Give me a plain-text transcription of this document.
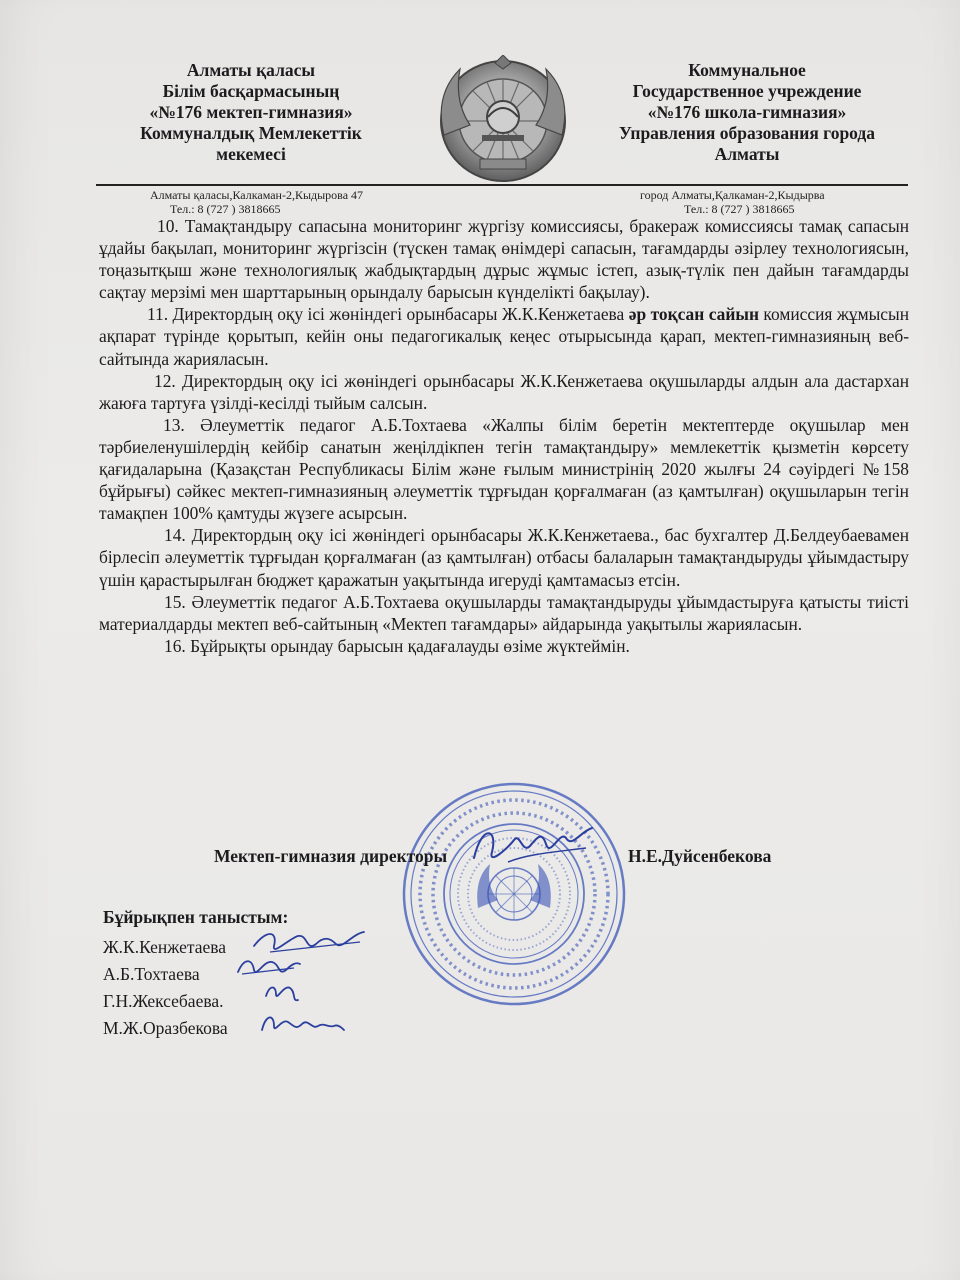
Алматы қаласы
Білім басқармасының
«№176 мектеп-гимназия»
Коммуналдық Мемлекеттік
мекемесі
Коммунальное
Государственное учреждение
«№176 школа-гимназия»
Управления образования города
Алматы
Алматы қаласы,Калкаман-2,Кыдырова 47
Тел.: 8 (727 ) 3818665
город Алматы,Қалкаман-2,Кыдырва
Тел.: 8 (727 ) 3818665

10. Тамақтандыру сапасына мониторинг жүргізу комиссиясы, бракераж комиссиясы тамақ сапасын ұдайы бақылап, мониторинг жүргізсін (түскен тамақ өнімдері сапасын, тағамдарды әзірлеу технологиясын, тоңазытқыш және технологиялық жабдықтардың дұрыс жұмыс істеп, азық-түлік пен дайын тағамдарды сақтау мерзімі мен шарттарының орындалу барысын күнделікті бақылау).

11. Директордың оқу ісі жөніндегі орынбасары Ж.К.Кенжетаева әр тоқсан сайын комиссия жұмысын ақпарат түрінде қорытып, кейін оны педагогикалық кеңес отырысында қарап, мектеп-гимназияның веб-сайтында жариялаcын.

12. Директордың оқу ісі жөніндегі орынбасары Ж.К.Кенжетаева оқушыларды алдын ала дастархан жаюға тартуға үзілді-кесілді тыйым салсын.

13. Әлеуметтік педагог А.Б.Тохтаева «Жалпы білім беретін мектептерде оқушылар мен тәрбиеленушілердің кейбір санатын жеңілдікпен тегін тамақтандыру» мемлекеттік қызметін көрсету қағидаларына (Қазақстан Республикасы Білім және ғылым министрінің 2020 жылғы 24 сәуірдегі №158 бұйрығы) сәйкес мектеп-гимназияның әлеуметтік тұрғыдан қорғалмаған (аз қамтылған) оқушыларын тегін тамақпен 100% қамтуды жүзеге асырсын.

14. Директордың оқу ісі жөніндегі орынбасары Ж.К.Кенжетаева., бас бухгалтер Д.Белдеубаевамен бірлесіп әлеуметтік тұрғыдан қорғалмаған (аз қамтылған) отбасы балаларын тамақтандыруды ұйымдастыру үшін қарастырылған бюджет қаражатын уақытында игеруді қамтамасыз етсін.

15. Әлеуметтік педагог А.Б.Тохтаева оқушыларды тамақтандыруды ұйымдастыруға қатысты тиісті материалдарды мектеп веб-сайтының «Мектеп тағамдары» айдарында уақытылы жариялаcын.

16. Бұйрықты орындау барысын қадағалауды өзіме жүктеймін.

Мектеп-гимназия директоры	Н.Е.Дуйсенбекова
Бұйрықпен таныстым:
Ж.К.Кенжетаева
А.Б.Тохтаева
Г.Н.Жексебаева.
М.Ж.Оразбекова
